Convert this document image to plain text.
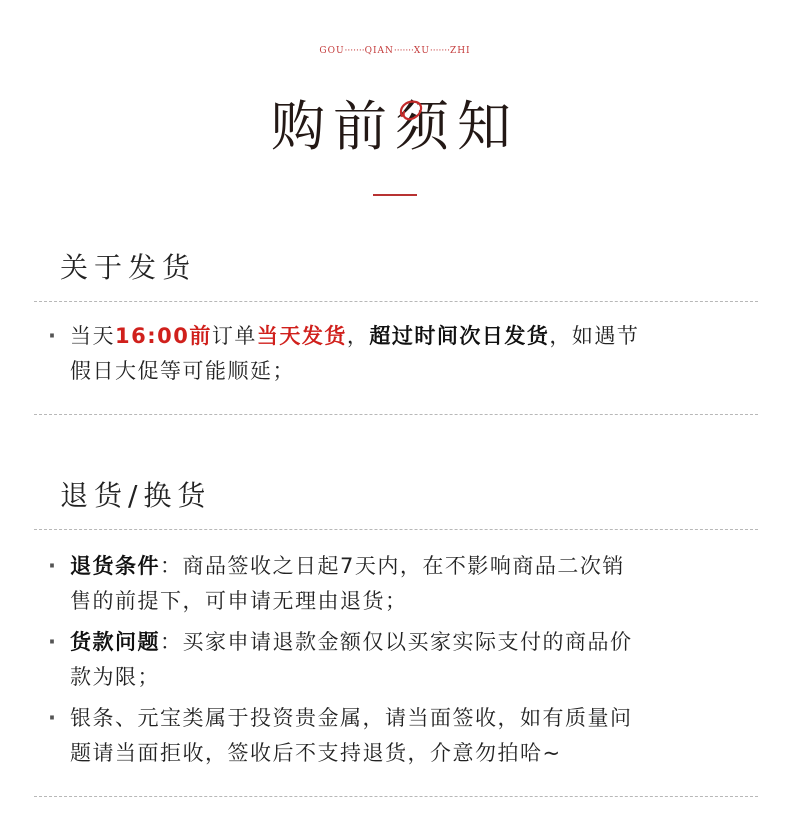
GOU·······QIAN·······XU·······ZHI
购前须知
关于发货
· 当天16:00前订单当天发货，超过时间次日发货，如遇节
假日大促等可能顺延；
退货/换货
· 退货条件：商品签收之日起7天内，在不影响商品二次销
售的前提下，可申请无理由退货；
· 货款问题：买家申请退款金额仅以买家实际支付的商品价
款为限；
· 银条、元宝类属于投资贵金属，请当面签收，如有质量问
题请当面拒收，签收后不支持退货，介意勿拍哈~
